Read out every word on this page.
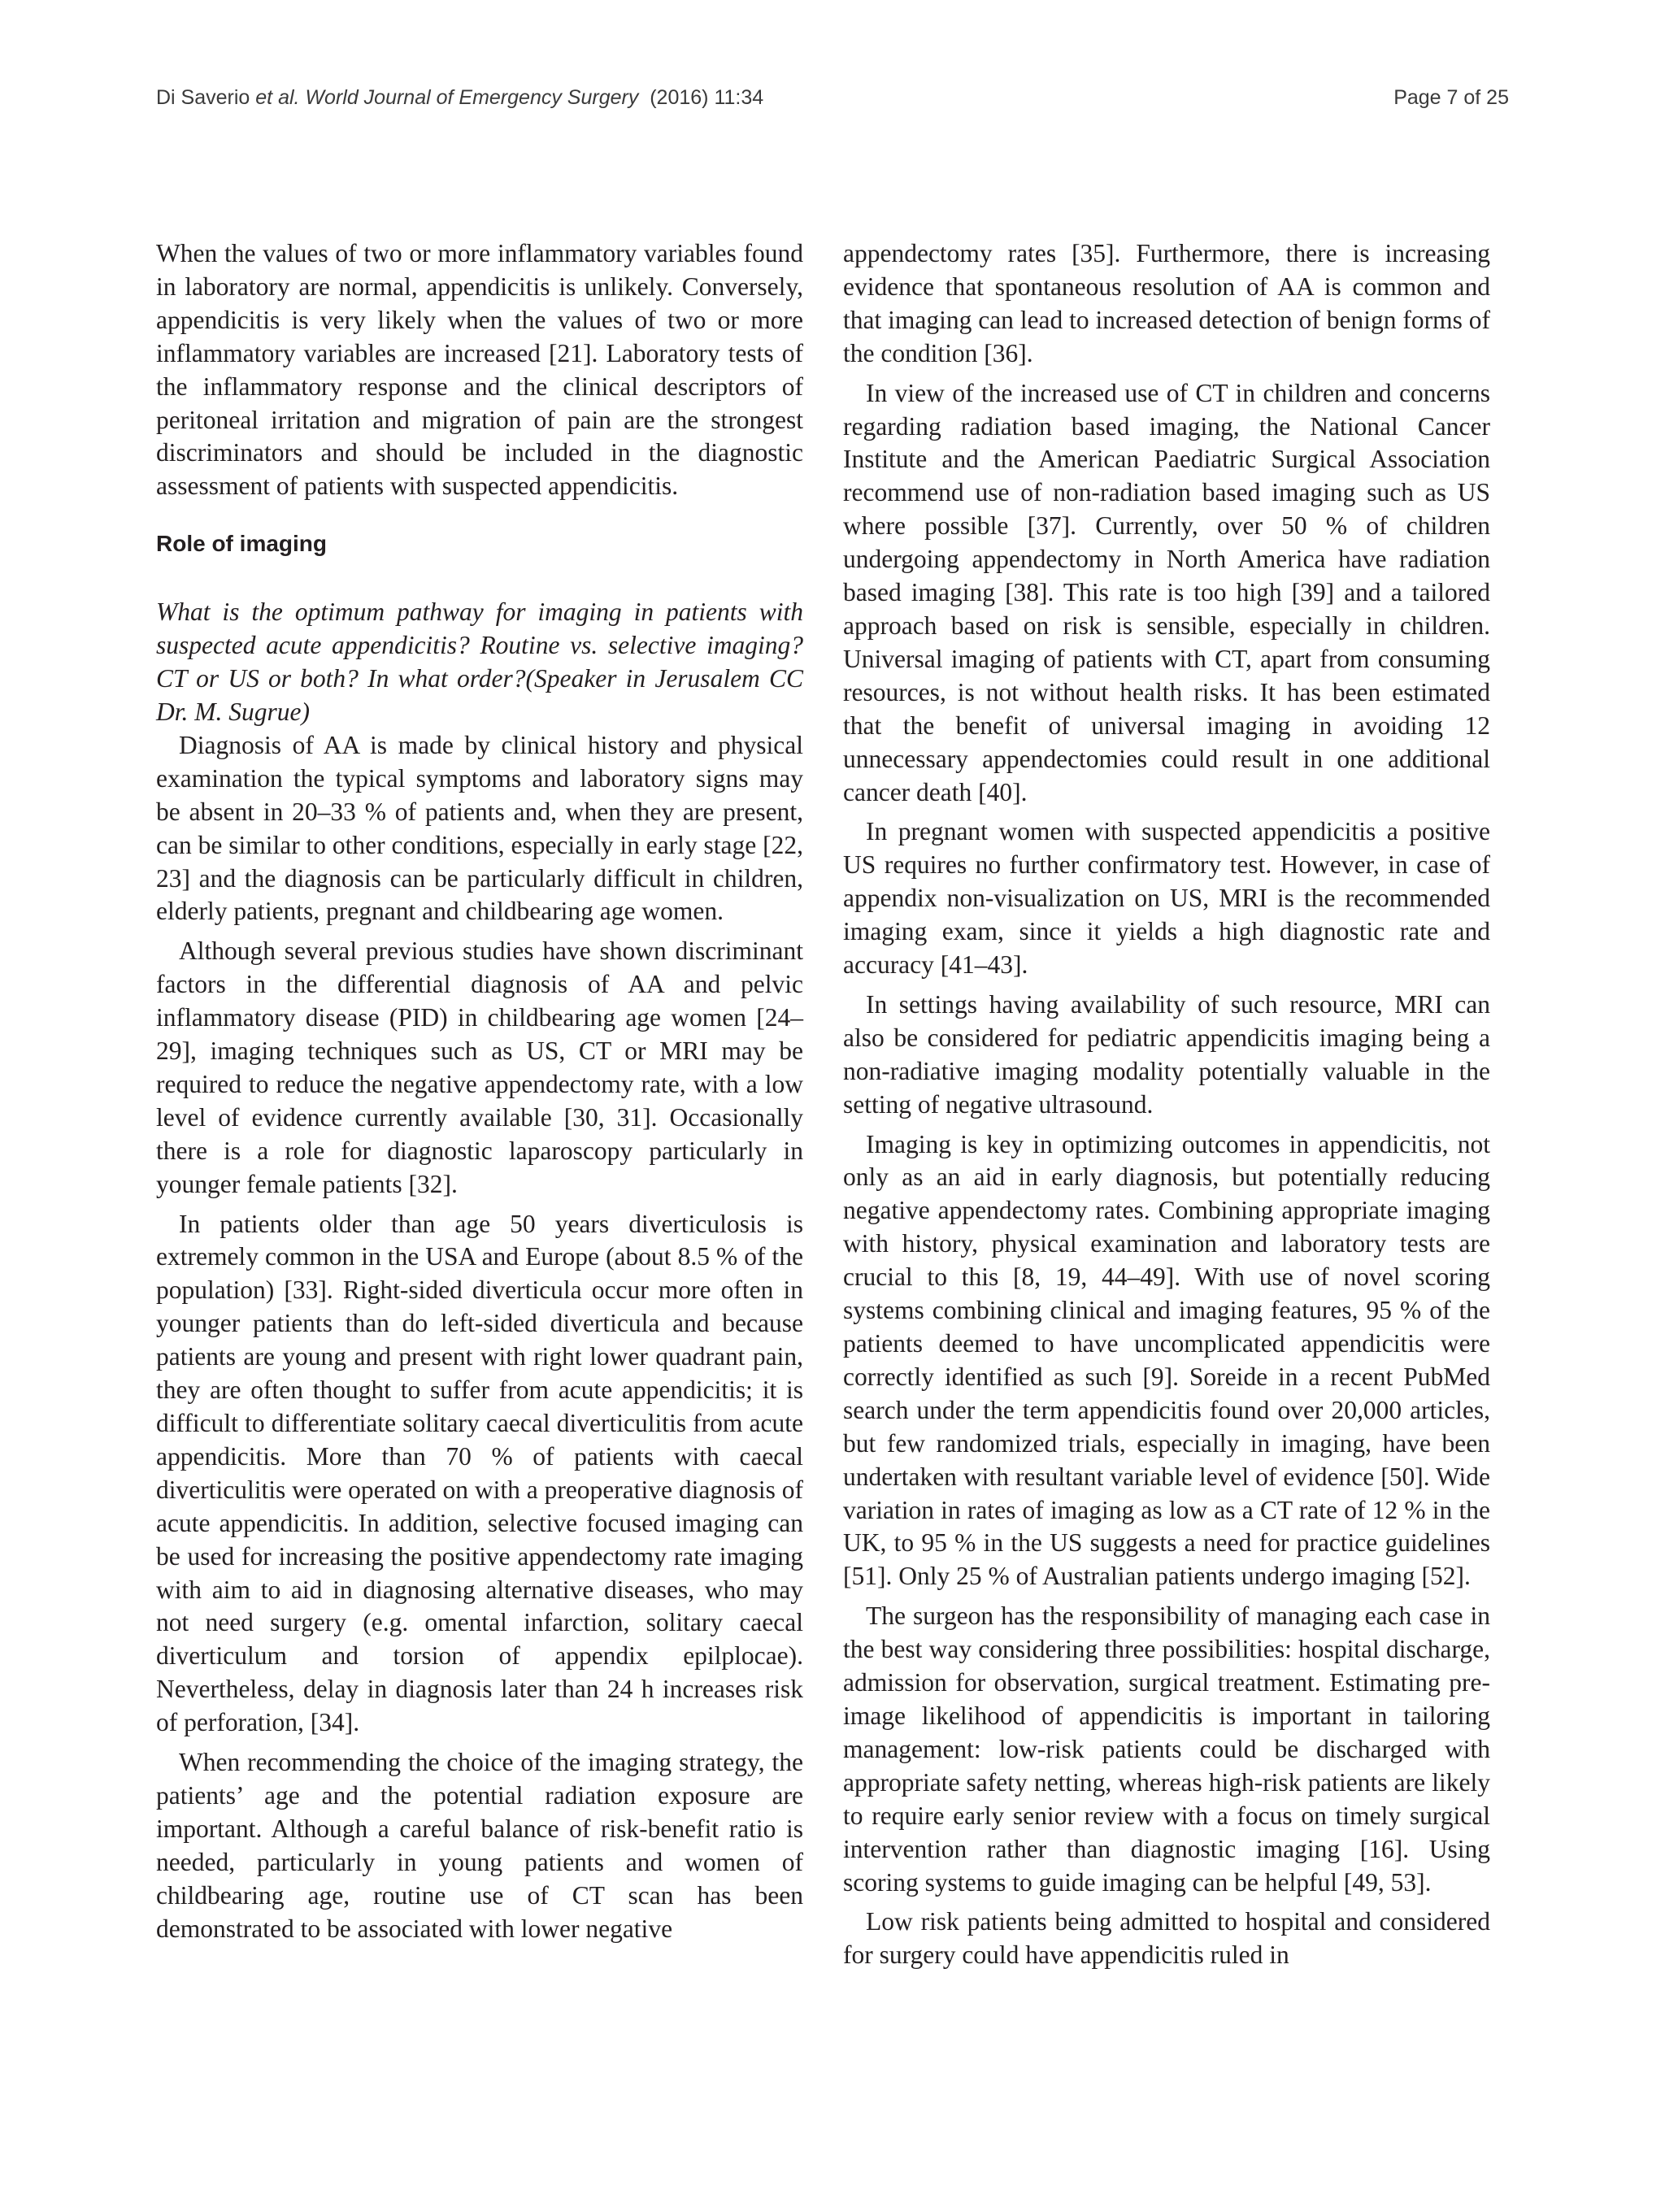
Di Saverio et al. World Journal of Emergency Surgery (2016) 11:34	Page 7 of 25

When the values of two or more inflammatory variables found in laboratory are normal, appendicitis is unlikely. Conversely, appendicitis is very likely when the values of two or more inflammatory variables are increased [21]. Laboratory tests of the inflammatory response and the clinical descriptors of peritoneal irritation and migration of pain are the strongest discriminators and should be included in the diagnostic assessment of patients with suspected appendicitis.

Role of imaging

What is the optimum pathway for imaging in patients with suspected acute appendicitis? Routine vs. selective imaging? CT or US or both? In what order?(Speaker in Jerusalem CC Dr. M. Sugrue)

Diagnosis of AA is made by clinical history and physical examination the typical symptoms and laboratory signs may be absent in 20–33 % of patients and, when they are present, can be similar to other conditions, especially in early stage [22, 23] and the diagnosis can be particularly difficult in children, elderly patients, pregnant and childbearing age women.

Although several previous studies have shown discriminant factors in the differential diagnosis of AA and pelvic inflammatory disease (PID) in childbearing age women [24–29], imaging techniques such as US, CT or MRI may be required to reduce the negative appendectomy rate, with a low level of evidence currently available [30, 31]. Occasionally there is a role for diagnostic laparoscopy particularly in younger female patients [32].

In patients older than age 50 years diverticulosis is extremely common in the USA and Europe (about 8.5 % of the population) [33]. Right-sided diverticula occur more often in younger patients than do left-sided diverticula and because patients are young and present with right lower quadrant pain, they are often thought to suffer from acute appendicitis; it is difficult to differentiate solitary caecal diverticulitis from acute appendicitis. More than 70 % of patients with caecal diverticulitis were operated on with a preoperative diagnosis of acute appendicitis. In addition, selective focused imaging can be used for increasing the positive appendectomy rate imaging with aim to aid in diagnosing alternative diseases, who may not need surgery (e.g. omental infarction, solitary caecal diverticulum and torsion of appendix epilplocae). Nevertheless, delay in diagnosis later than 24 h increases risk of perforation, [34].

When recommending the choice of the imaging strategy, the patients’ age and the potential radiation exposure are important. Although a careful balance of risk-benefit ratio is needed, particularly in young patients and women of childbearing age, routine use of CT scan has been demonstrated to be associated with lower negative

appendectomy rates [35]. Furthermore, there is increasing evidence that spontaneous resolution of AA is common and that imaging can lead to increased detection of benign forms of the condition [36].

In view of the increased use of CT in children and concerns regarding radiation based imaging, the National Cancer Institute and the American Paediatric Surgical Association recommend use of non-radiation based imaging such as US where possible [37]. Currently, over 50 % of children undergoing appendectomy in North America have radiation based imaging [38]. This rate is too high [39] and a tailored approach based on risk is sensible, especially in children. Universal imaging of patients with CT, apart from consuming resources, is not without health risks. It has been estimated that the benefit of universal imaging in avoiding 12 unnecessary appendectomies could result in one additional cancer death [40].

In pregnant women with suspected appendicitis a positive US requires no further confirmatory test. However, in case of appendix non-visualization on US, MRI is the recommended imaging exam, since it yields a high diagnostic rate and accuracy [41–43].

In settings having availability of such resource, MRI can also be considered for pediatric appendicitis imaging being a non-radiative imaging modality potentially valuable in the setting of negative ultrasound.

Imaging is key in optimizing outcomes in appendicitis, not only as an aid in early diagnosis, but potentially reducing negative appendectomy rates. Combining appropriate imaging with history, physical examination and laboratory tests are crucial to this [8, 19, 44–49]. With use of novel scoring systems combining clinical and imaging features, 95 % of the patients deemed to have uncomplicated appendicitis were correctly identified as such [9]. Soreide in a recent PubMed search under the term appendicitis found over 20,000 articles, but few randomized trials, especially in imaging, have been undertaken with resultant variable level of evidence [50]. Wide variation in rates of imaging as low as a CT rate of 12 % in the UK, to 95 % in the US suggests a need for practice guidelines [51]. Only 25 % of Australian patients undergo imaging [52].

The surgeon has the responsibility of managing each case in the best way considering three possibilities: hospital discharge, admission for observation, surgical treatment. Estimating pre-image likelihood of appendicitis is important in tailoring management: low-risk patients could be discharged with appropriate safety netting, whereas high-risk patients are likely to require early senior review with a focus on timely surgical intervention rather than diagnostic imaging [16]. Using scoring systems to guide imaging can be helpful [49, 53].

Low risk patients being admitted to hospital and considered for surgery could have appendicitis ruled in
